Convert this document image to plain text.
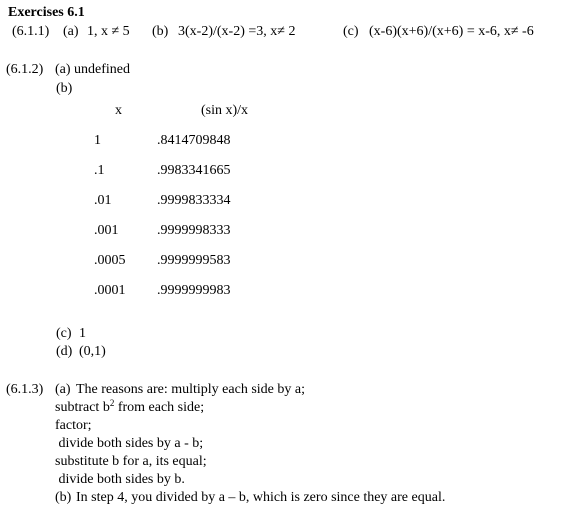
Exercises 6.1
(6.1.1) (a) 1, x ≠ 5 (b) 3(x-2)/(x-2) =3, x≠ 2	(c) (x-6)(x+6)/(x+6) = x-6, x≠ -6
(6.1.2) (a) undefined
(b)
x	(sin x)/x
1	.8414709848
.1	.9983341665
.01	.9999833334
.001	.9999998333
.0005 .9999999583
.0001 .9999999983
(c) 1
(d) (0,1)
(6.1.3) (a) The reasons are: multiply each side by a;
subtract $b^2$ from each side;
factor;
divide both sides by a - b;
substitute b for a, its equal;
divide both sides by b.
(b) In step 4, you divided by a – b, which is zero since they are equal.
